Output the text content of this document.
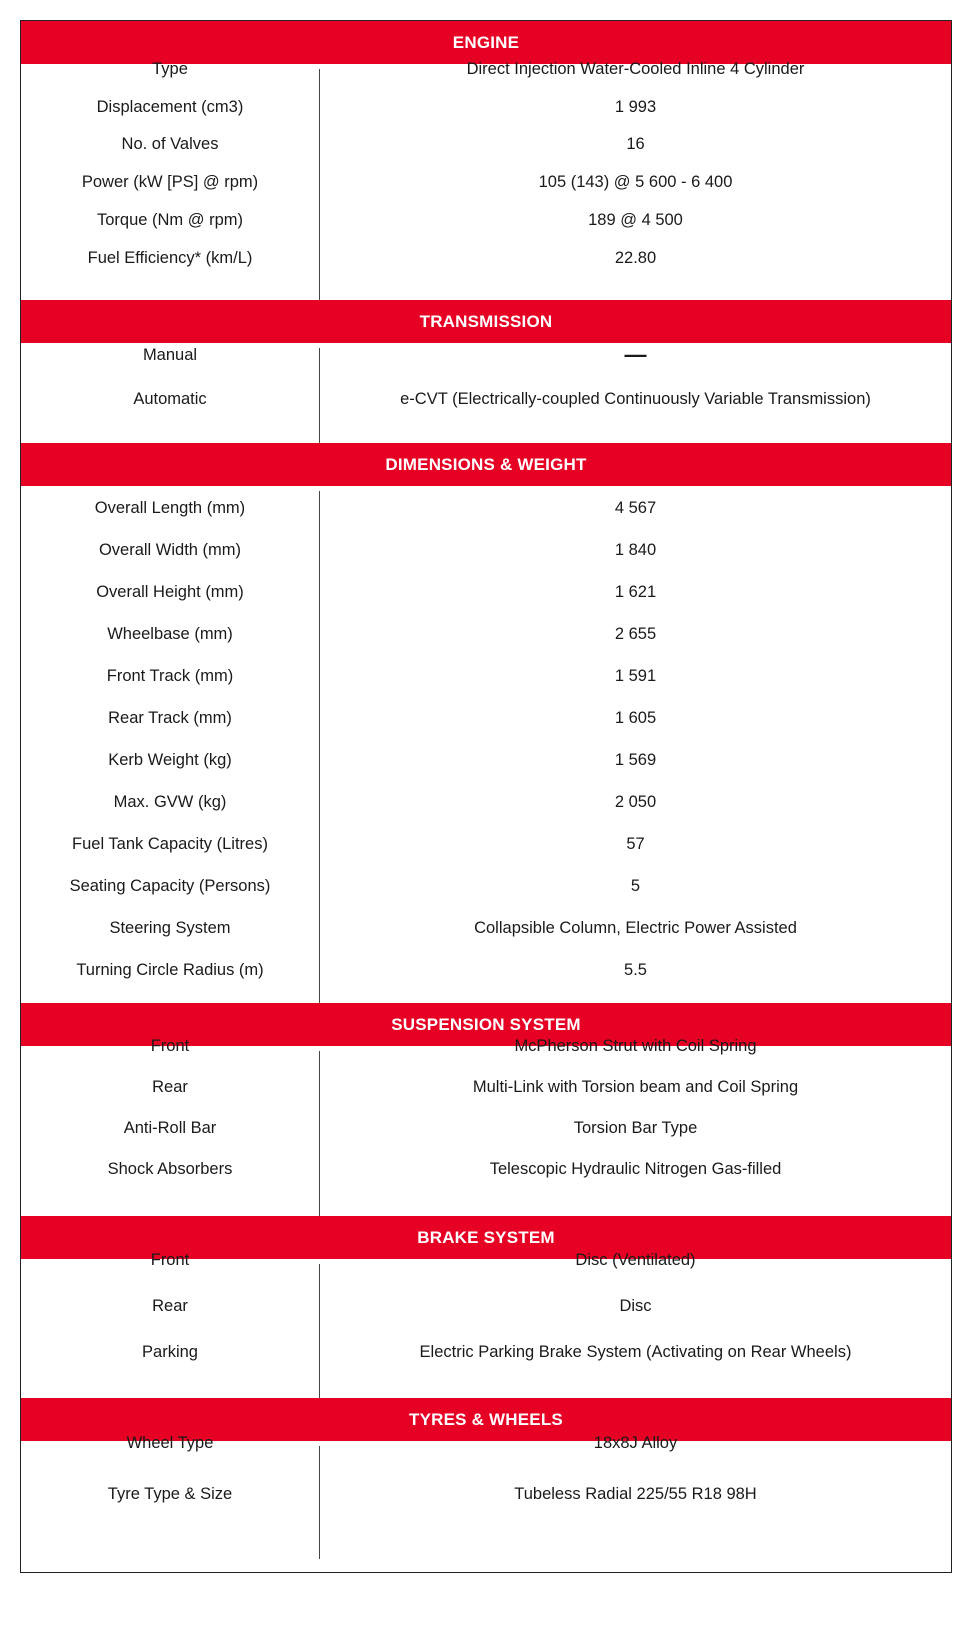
ENGINE
Type	Direct Injection Water-Cooled Inline 4 Cylinder
Displacement (cm3)	1 993
No. of Valves	16
Power (kW [PS] @ rpm)	105 (143) @ 5 600 - 6 400
Torque (Nm @ rpm)	189 @ 4 500
Fuel Efficiency* (km/L)	22.80
TRANSMISSION
Manual	—
Automatic	e-CVT (Electrically-coupled Continuously Variable Transmission)
DIMENSIONS & WEIGHT
Overall Length (mm)	4 567
Overall Width (mm)	1 840
Overall Height (mm)	1 621
Wheelbase (mm)	2 655
Front Track (mm)	1 591
Rear Track (mm)	1 605
Kerb Weight (kg)	1 569
Max. GVW (kg)	2 050
Fuel Tank Capacity (Litres)	57
Seating Capacity (Persons)	5
Steering System	Collapsible Column, Electric Power Assisted
Turning Circle Radius (m)	5.5
SUSPENSION SYSTEM
Front	McPherson Strut with Coil Spring
Rear	Multi-Link with Torsion beam and Coil Spring
Anti-Roll Bar	Torsion Bar Type
Shock Absorbers	Telescopic Hydraulic Nitrogen Gas-filled
BRAKE SYSTEM
Front	Disc (Ventilated)
Rear	Disc
Parking	Electric Parking Brake System (Activating on Rear Wheels)
TYRES & WHEELS
Wheel Type	18x8J Alloy
Tyre Type & Size	Tubeless Radial 225/55 R18 98H
